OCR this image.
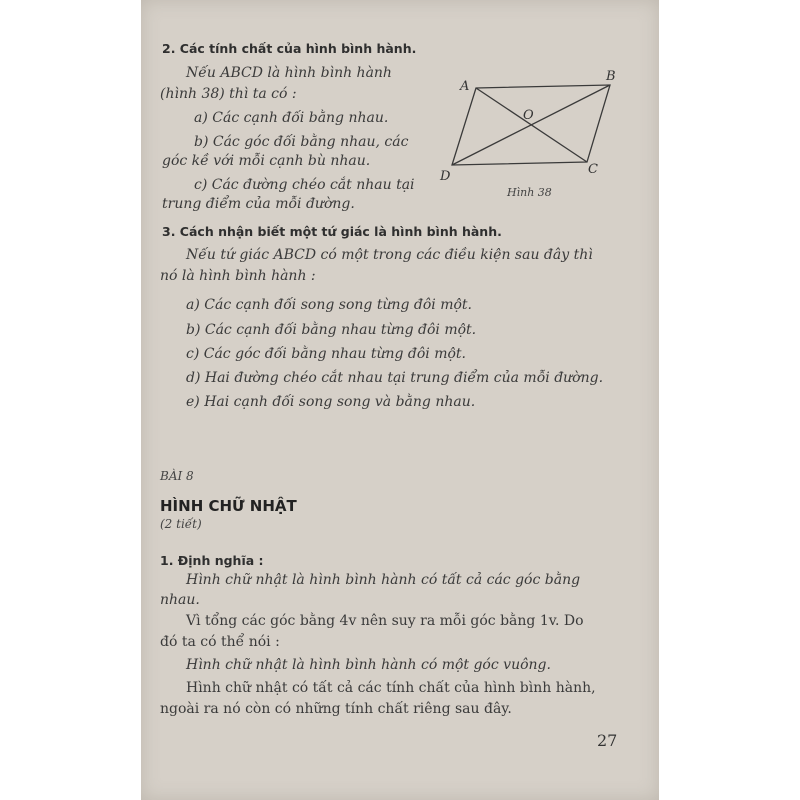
2. Các tính chất của hình bình hành.
Nếu ABCD là hình bình hành
(hình 38) thì ta có :
a) Các cạnh đối bằng nhau.
b) Các góc đối bằng nhau, các
góc kề với mỗi cạnh bù nhau.
c) Các đường chéo cắt nhau tại
trung điểm của mỗi đường.
A
B
C
D
O
Hình 38
3. Cách nhận biết một tứ giác là hình bình hành.
Nếu tứ giác ABCD có một trong các điều kiện sau đây thì
nó là hình bình hành :
a) Các cạnh đối song song từng đôi một.
b) Các cạnh đối bằng nhau từng đôi một.
c) Các góc đối bằng nhau từng đôi một.
d) Hai đường chéo cắt nhau tại trung điểm của mỗi đường.
e) Hai cạnh đối song song và bằng nhau.
BÀI 8
HÌNH CHỮ NHẬT
(2 tiết)
1. Định nghĩa :
Hình chữ nhật là hình bình hành có tất cả các góc bằng
nhau.
Vì tổng các góc bằng 4v nên suy ra mỗi góc bằng 1v. Do
đó ta có thể nói :
Hình chữ nhật là hình bình hành có một góc vuông.
Hình chữ nhật có tất cả các tính chất của hình bình hành,
ngoài ra nó còn có những tính chất riêng sau đây.
27
